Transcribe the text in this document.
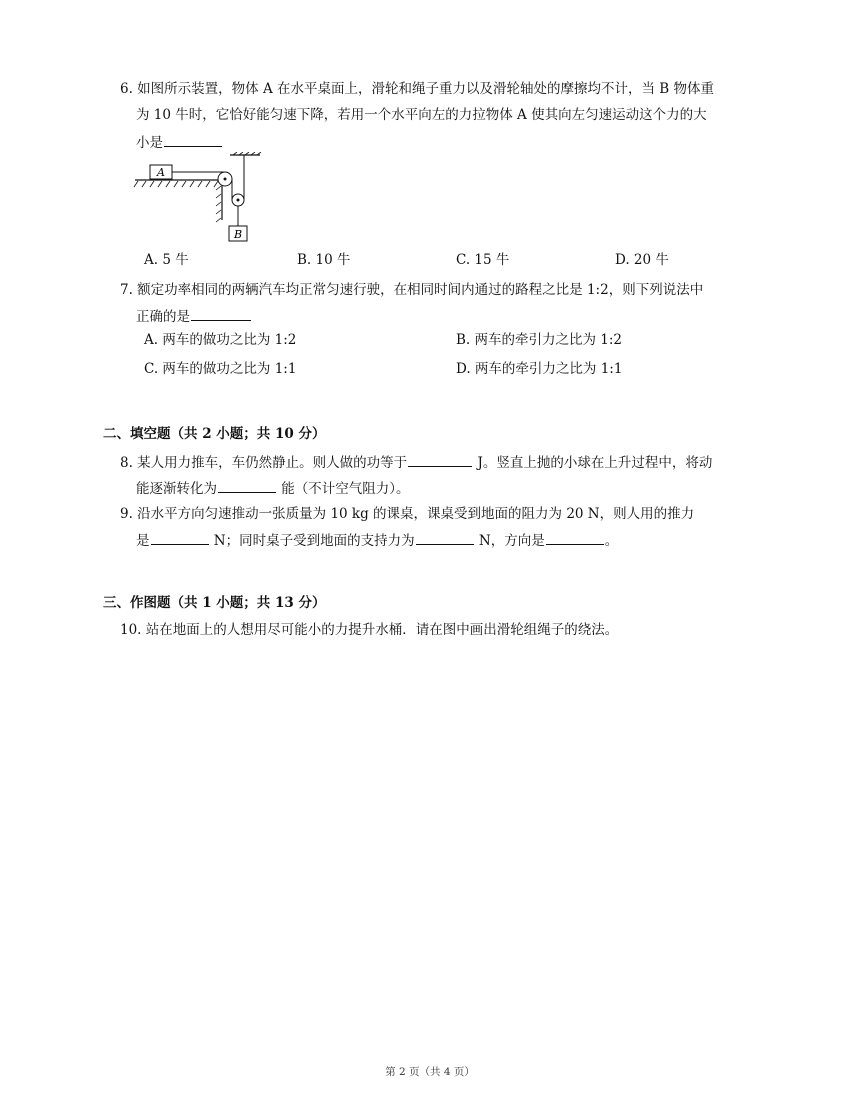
6. 如图所示装置，物体 A 在水平桌面上，滑轮和绳子重力以及滑轮轴处的摩擦均不计，当 B 物体重
为 10 牛时，它恰好能匀速下降，若用一个水平向左的力拉物体 A 使其向左匀速运动这个力的大
小是
A
B
A. 5 牛	B. 10 牛	C. 15 牛	D. 20 牛
7. 额定功率相同的两辆汽车均正常匀速行驶，在相同时间内通过的路程之比是 1:2，则下列说法中
正确的是
A. 两车的做功之比为 1:2	B. 两车的牵引力之比为 1:2
C. 两车的做功之比为 1:1	D. 两车的牵引力之比为 1:1
二、填空题（共 2 小题；共 10 分）
8. 某人用力推车，车仍然静止。则人做的功等于	J。竖直上抛的小球在上升过程中，将动
能逐渐转化为	能（不计空气阻力）。
9. 沿水平方向匀速推动一张质量为 10 kg 的课桌，课桌受到地面的阻力为 20 N，则人用的推力
是	N；同时桌子受到地面的支持力为	N，方向是	。
三、作图题（共 1 小题；共 13 分）
10. 站在地面上的人想用尽可能小的力提升水桶．请在图中画出滑轮组绳子的绕法。
第 2 页（共 4 页）
